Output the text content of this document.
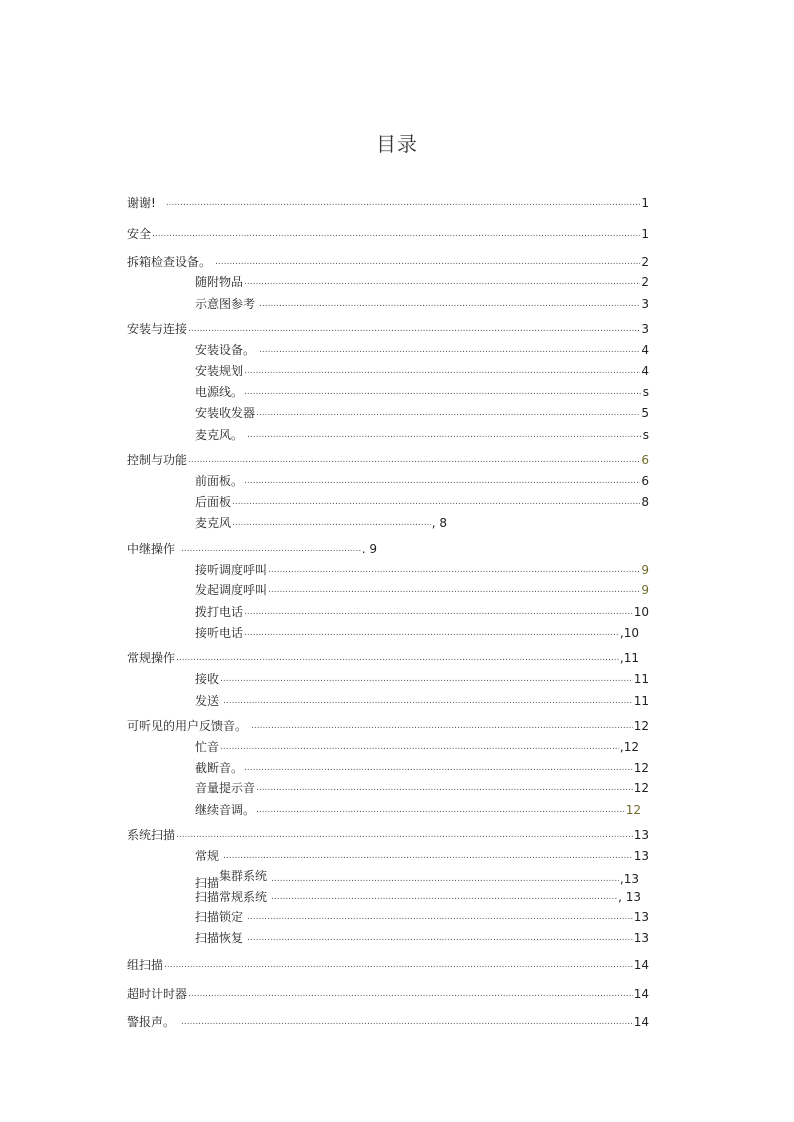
目录
谢谢! .....	1
安全 .....	1
拆箱检查设备。 .....	2
随附物品 .....	2
示意图参考 .....	3
安装与连接 .....	3
安装设备。 .....	4
安装规划 .....	4
电源线。 .....	s
安装收发器 .....	5
麦克风。 .....	s
控制与功能 .....	6
前面板。 .....	6
后面板 .....	8
麦克风 .....	, 8
中继操作 .....	. 9
接听调度呼叫 .....	9
发起调度呼叫 .....	9
拨打电话 .....	10
接听电话 .....	,10
常规操作 .....	,11
接收 .....	11
发送 .....	11
可听见的用户反馈音。 .....	12
忙音 .....	,12
截断音。 .....	12
音量提示音 .....	12
继续音调。 .....	12
系统扫描 .....	13
常规 .....	13
扫描集群系统 .....	,13
扫描常规系统 .....	, 13
扫描锁定 .....	13
扫描恢复 .....	13
组扫描 .....	14
超时计时器 .....	14
警报声。 .....	14
